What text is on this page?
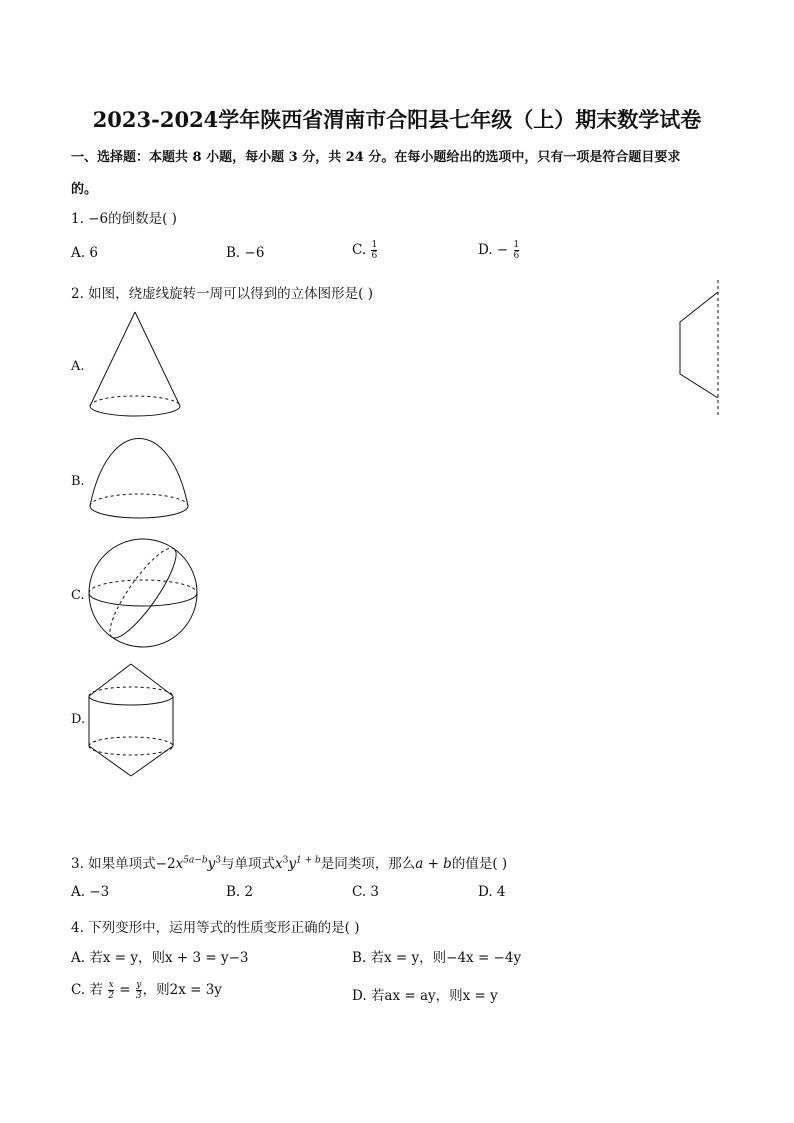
2023-2024学年陕西省渭南市合阳县七年级（上）期末数学试卷
一、选择题：本题共 8 小题，每小题 3 分，共 24 分。在每小题给出的选项中，只有一项是符合题目要求
的。
1. −6的倒数是( )
A. 6	B. −6	C. $\frac{1}{6}$	D. − $\frac{1}{6}$
2. 如图，绕虚线旋转一周可以得到的立体图形是( )
A.
B.
C.
D.
3. 如果单项式$-2x^{5a-b}y^3$与单项式$x^3y^{1 + b}$是同类项，那么a + b的值是( )
A. −3	B. 2	C. 3	D. 4
4. 下列变形中，运用等式的性质变形正确的是( )
A. 若x = y，则x + 3 = y−3	B. 若x = y，则−4x = −4y
C. 若 $\frac{x}{2} = \frac{y}{3}$ ，则2x = 3y	D. 若ax = ay，则x = y
